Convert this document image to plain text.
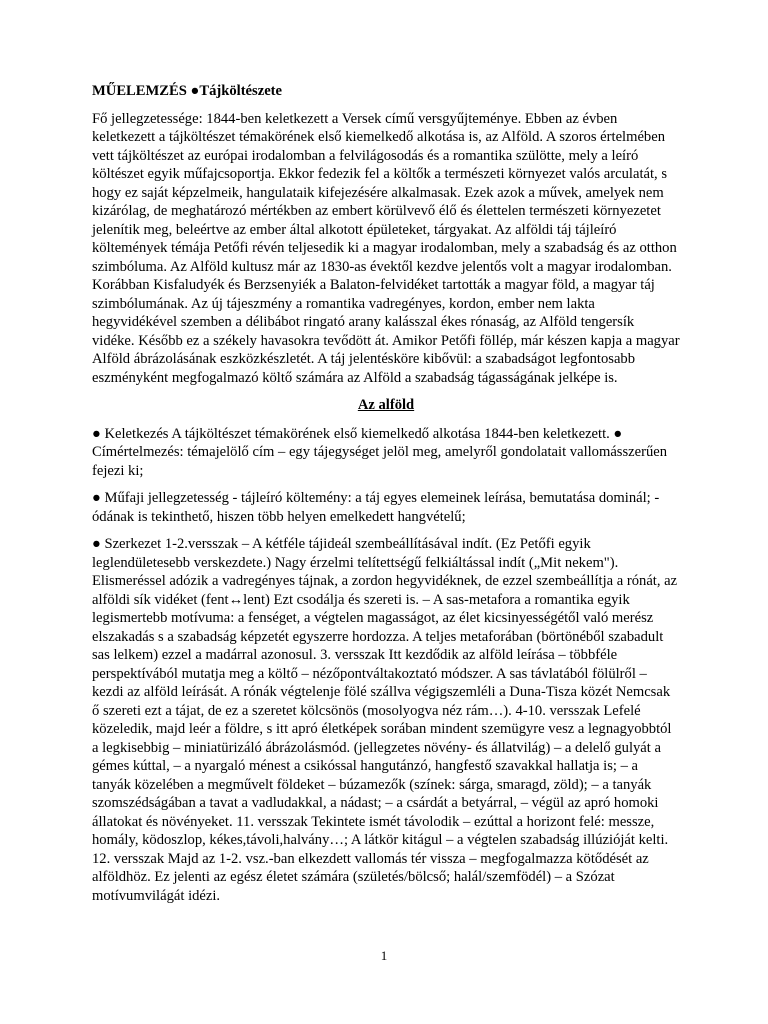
MŰELEMZÉS ●Tájköltészete

Fő jellegzetessége: 1844-ben keletkezett a Versek című versgyűjteménye. Ebben az évben keletkezett a tájköltészet témakörének első kiemelkedő alkotása is, az Alföld. A szoros értelmében vett tájköltészet az európai irodalomban a felvilágosodás és a romantika szülötte, mely a leíró költészet egyik műfajcsoportja. Ekkor fedezik fel a költők a természeti környezet valós arculatát, s hogy ez saját képzelmeik, hangulataik kifejezésére alkalmasak. Ezek azok a művek, amelyek nem kizárólag, de meghatározó mértékben az embert körülvevő élő és élettelen természeti környezetet jelenítik meg, beleértve az ember által alkotott épületeket, tárgyakat. Az alföldi táj tájleíró költemények témája Petőfi révén teljesedik ki a magyar irodalomban, mely a szabadság és az otthon szimbóluma. Az Alföld kultusz már az 1830-as évektől kezdve jelentős volt a magyar irodalomban. Korábban Kisfaludyék és Berzsenyiék a Balaton-felvidéket tartották a magyar föld, a magyar táj szimbólumának. Az új tájeszmény a romantika vadregényes, kordon, ember nem lakta hegyvidékével szemben a délibábot ringató arany kalásszal ékes rónaság, az Alföld tengersík vidéke. Később ez a székely havasokra tevődött át. Amikor Petőfi föllép, már készen kapja a magyar Alföld ábrázolásának eszközkészletét. A táj jelentésköre kibővül: a szabadságot legfontosabb eszményként megfogalmazó költő számára az Alföld a szabadság tágasságának jelképe is.

Az alföld

● Keletkezés A tájköltészet témakörének első kiemelkedő alkotása 1844-ben keletkezett. ● Címértelmezés: témajelölő cím – egy tájegységet jelöl meg, amelyről gondolatait vallomásszerűen fejezi ki;

● Műfaji jellegzetesség - tájleíró költemény: a táj egyes elemeinek leírása, bemutatása dominál; - ódának is tekinthető, hiszen több helyen emelkedett hangvételű;

● Szerkezet 1-2.versszak – A kétféle tájideál szembeállításával indít. (Ez Petőfi egyik leglendületesebb verskezdete.) Nagy érzelmi telítettségű felkiáltással indít („Mit nekem"). Elismeréssel adózik a vadregényes tájnak, a zordon hegyvidéknek, de ezzel szembeállítja a rónát, az alföldi sík vidéket (fent↔lent) Ezt csodálja és szereti is. – A sas-metafora a romantika egyik legismertebb motívuma: a fenséget, a végtelen magasságot, az élet kicsinyességétől való merész elszakadás s a szabadság képzetét egyszerre hordozza. A teljes metaforában (börtönéből szabadult sas lelkem) ezzel a madárral azonosul. 3. versszak Itt kezdődik az alföld leírása – többféle perspektívából mutatja meg a költő – nézőpontváltakoztató módszer. A sas távlatából fölülről – kezdi az alföld leírását. A rónák végtelenje fölé szállva végigszemléli a Duna-Tisza közét Nemcsak ő szereti ezt a tájat, de ez a szeretet kölcsönös (mosolyogva néz rám…). 4-10. versszak Lefelé közeledik, majd leér a földre, s itt apró életképek sorában mindent szemügyre vesz a legnagyobbtól a legkisebbig – miniatürizáló ábrázolásmód. (jellegzetes növény- és állatvilág) – a delelő gulyát a gémes kúttal, – a nyargaló ménest a csikóssal hangutánzó, hangfestő szavakkal hallatja is; – a tanyák közelében a megművelt földeket – búzamezők (színek: sárga, smaragd, zöld); – a tanyák szomszédságában a tavat a vadludakkal, a nádast; – a csárdát a betyárral, – végül az apró homoki állatokat és növényeket. 11. versszak Tekintete ismét távolodik – ezúttal a horizont felé: messze, homály, ködoszlop, kékes,távoli,halvány…; A látkör kitágul – a végtelen szabadság illúzióját kelti. 12. versszak Majd az 1-2. vsz.-ban elkezdett vallomás tér vissza – megfogalmazza kötődését az alföldhöz. Ez jelenti az egész életet számára (születés/bölcső; halál/szemfödél) – a Szózat motívumvilágát idézi.

1
